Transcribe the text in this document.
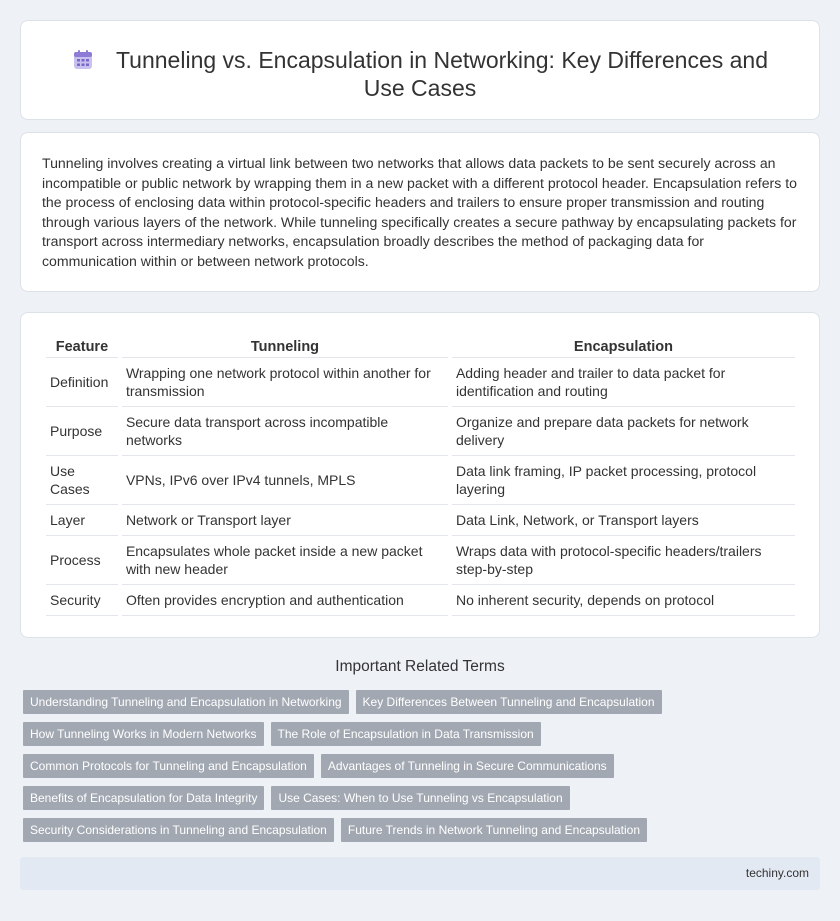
Tunneling vs. Encapsulation in Networking: Key Differences and Use Cases

Tunneling involves creating a virtual link between two networks that allows data packets to be sent securely across an incompatible or public network by wrapping them in a new packet with a different protocol header. Encapsulation refers to the process of enclosing data within protocol-specific headers and trailers to ensure proper transmission and routing through various layers of the network. While tunneling specifically creates a secure pathway by encapsulating packets for transport across intermediary networks, encapsulation broadly describes the method of packaging data for communication within or between network protocols.

Feature	Tunneling	Encapsulation
Definition	Wrapping one network protocol within another for transmission	Adding header and trailer to data packet for identification and routing
Purpose	Secure data transport across incompatible networks	Organize and prepare data packets for network delivery
Use Cases	VPNs, IPv6 over IPv4 tunnels, MPLS	Data link framing, IP packet processing, protocol layering
Layer	Network or Transport layer	Data Link, Network, or Transport layers
Process	Encapsulates whole packet inside a new packet with new header	Wraps data with protocol-specific headers/trailers step-by-step
Security	Often provides encryption and authentication	No inherent security, depends on protocol
Important Related Terms
Understanding Tunneling and Encapsulation in Networking	Key Differences Between Tunneling and Encapsulation
How Tunneling Works in Modern Networks	The Role of Encapsulation in Data Transmission
Common Protocols for Tunneling and Encapsulation	Advantages of Tunneling in Secure Communications
Benefits of Encapsulation for Data Integrity	Use Cases: When to Use Tunneling vs Encapsulation
Security Considerations in Tunneling and Encapsulation	Future Trends in Network Tunneling and Encapsulation
techiny.com
